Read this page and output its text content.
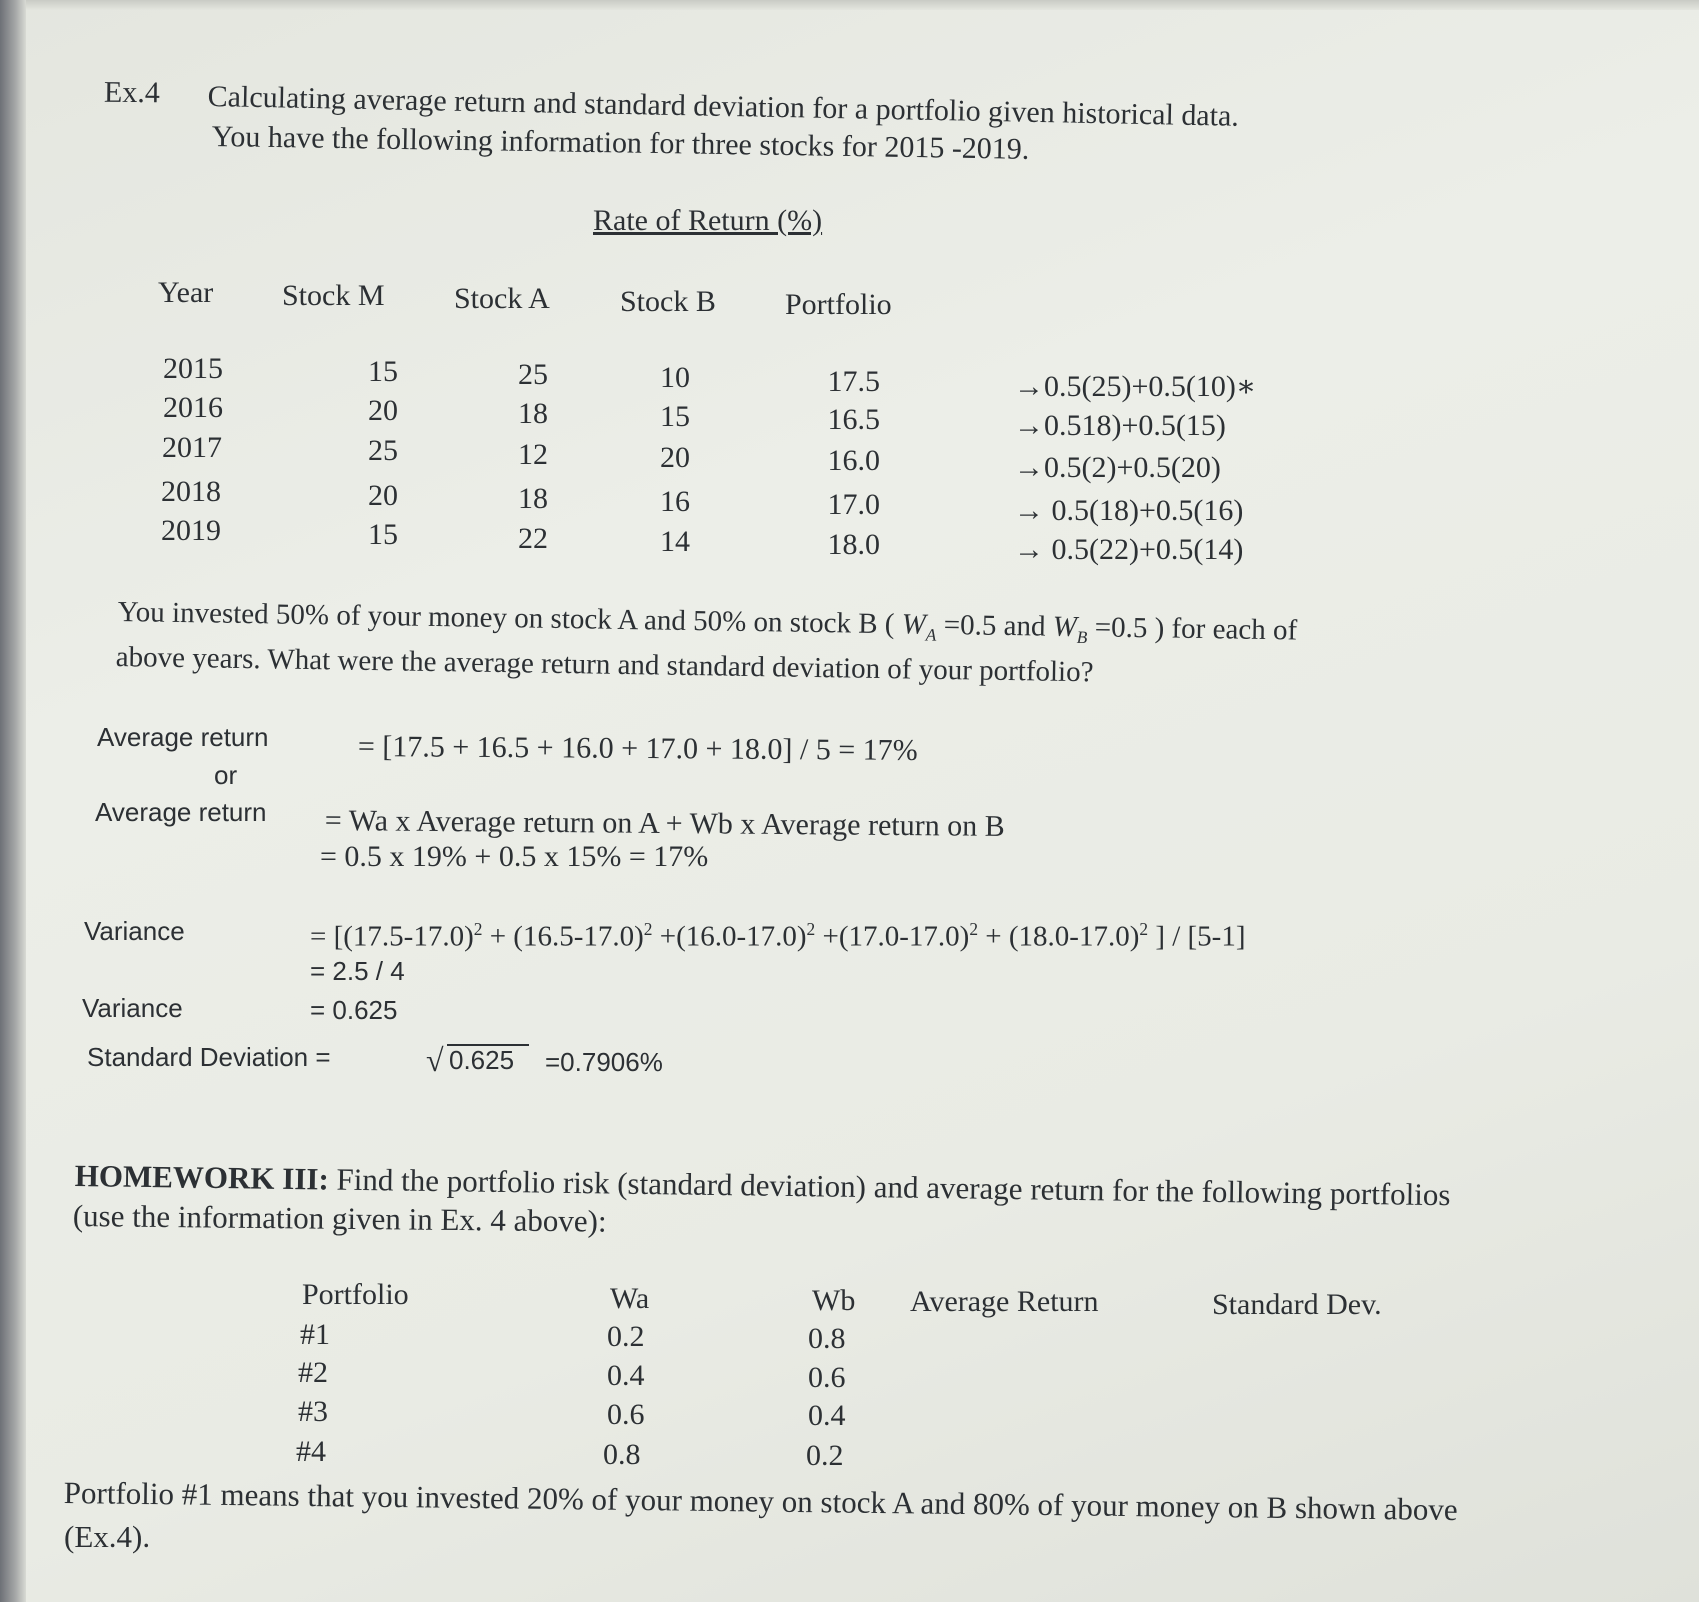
Ex.4 Calculating average return and standard deviation for a portfolio given historical data.
You have the following information for three stocks for 2015 -2019.
Rate of Return (%)
Year Stock M Stock A Stock B Portfolio
2015	15	25	10	17.5	→0.5(25)+0.5(10)∗
2016	20	18	15	16.5	→0.518)+0.5(15)
2017	25	12	20	16.0	→0.5(2)+0.5(20)
2018	20	18	16	17.0	→ 0.5(18)+0.5(16)
2019	15	22	14	18.0	→ 0.5(22)+0.5(14)
You invested 50% of your money on stock A and 50% on stock B ( $W_A =0.5$ and $W_B =0.5$ ) for each of
above years. What were the average return and standard deviation of your portfolio?
Average return	= [17.5 + 16.5 + 16.0 + 17.0 + 18.0] / 5 = 17%
or
Average return = Wa x Average return on A + Wb x Average return on B
= 0.5 x 19% + 0.5 x 15% = 17%
Variance	= [$(17.5-17.0)^2 + (16.5-17.0)^2 +(16.0-17.0)^2 +(17.0-17.0)^2 + (18.0-17.0)^2$ ] / [5-1]
= 2.5 / 4
Variance	= 0.625
Standard Deviation =	√ 0.625 =0.7906%
HOMEWORK III: Find the portfolio risk (standard deviation) and average return for the following portfolios
(use the information given in Ex. 4 above):
Portfolio	Wa	Wb Average Return	Standard Dev.
#1	0.2	0.8
#2	0.4	0.6
#3	0.6	0.4
#4	0.8	0.2
Portfolio #1 means that you invested 20% of your money on stock A and 80% of your money on B shown above
(Ex.4).
